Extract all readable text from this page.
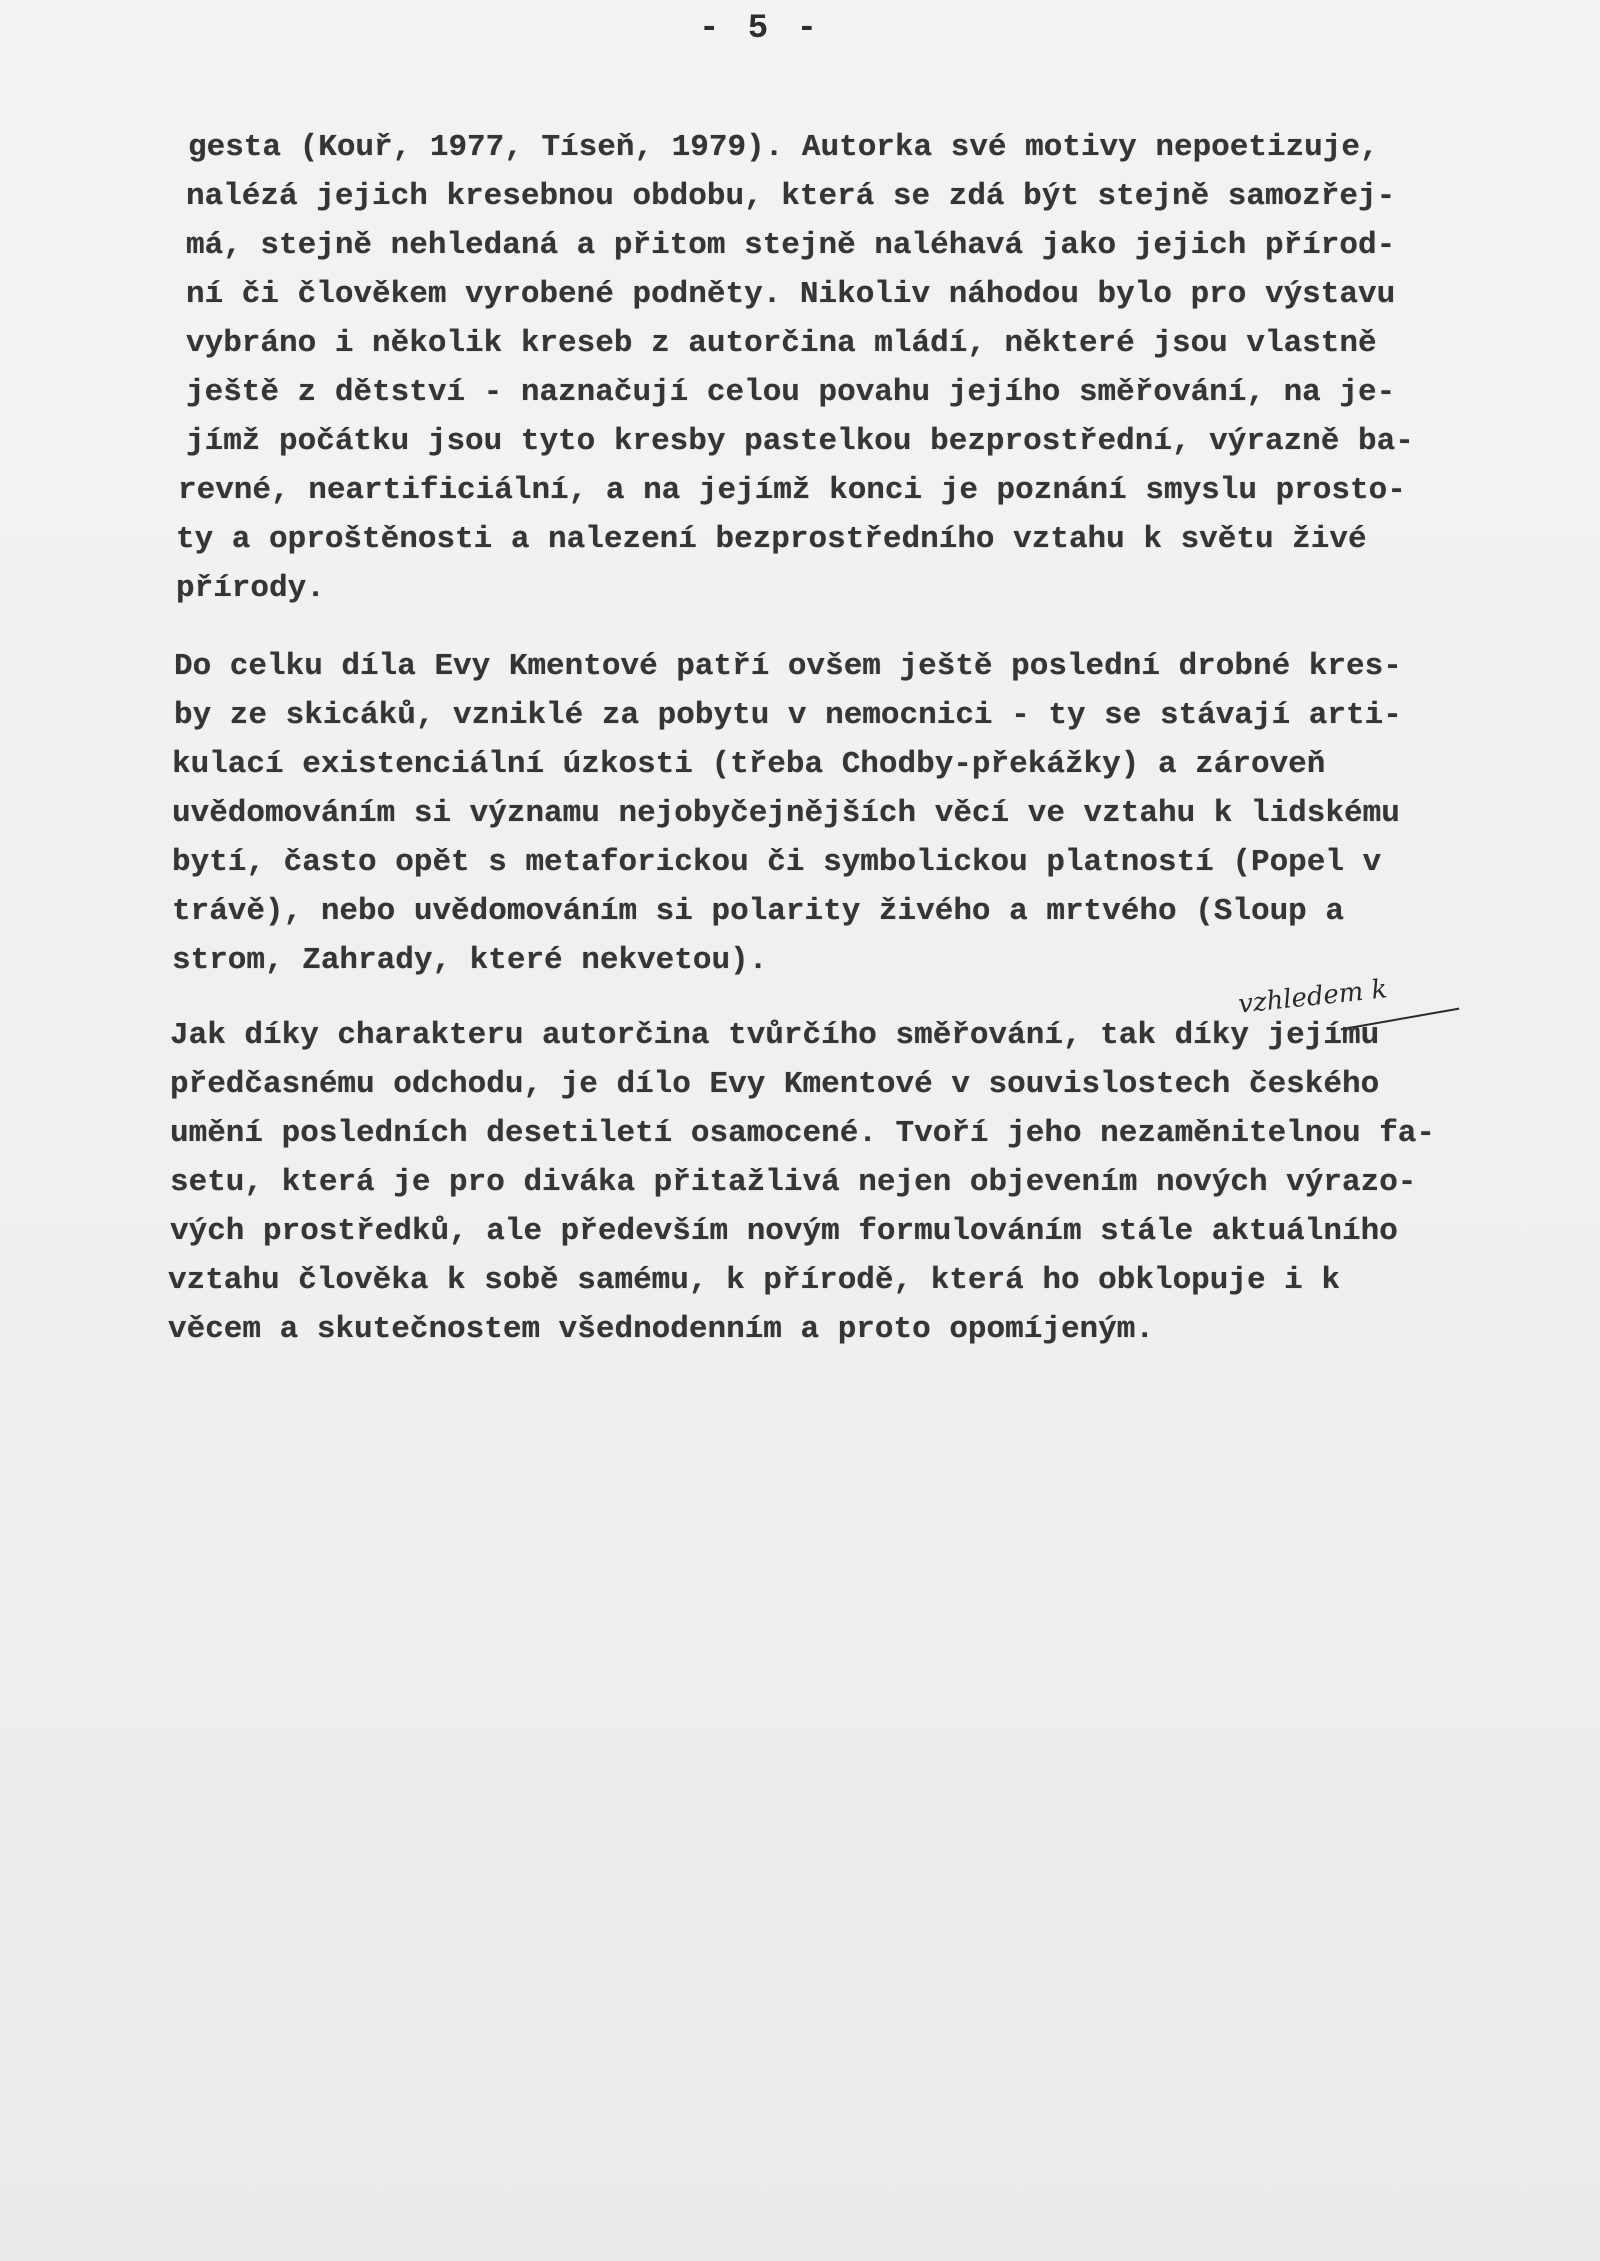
- 5 -
gesta (Kouř, 1977, Tíseň, 1979). Autorka své motivy nepoetizuje,
nalézá jejich kresebnou obdobu, která se zdá být stejně samozřej-
má, stejně nehledaná a přitom stejně naléhavá jako jejich přírod-
ní či člověkem vyrobené podněty. Nikoliv náhodou bylo pro výstavu
vybráno i několik kreseb z autorčina mládí, některé jsou vlastně
ještě z dětství - naznačují celou povahu jejího směřování, na je-
jímž počátku jsou tyto kresby pastelkou bezprostřední, výrazně ba-
revné, neartificiální, a na jejímž konci je poznání smyslu prosto-
ty a oproštěnosti a nalezení bezprostředního vztahu k světu živé
přírody.
Do celku díla Evy Kmentové patří ovšem ještě poslední drobné kres-
by ze skicáků, vzniklé za pobytu v nemocnici - ty se stávají arti-
kulací existenciální úzkosti (třeba Chodby-překážky) a zároveň
uvědomováním si významu nejobyčejnějších věcí ve vztahu k lidskému
bytí, často opět s metaforickou či symbolickou platností (Popel v
trávě), nebo uvědomováním si polarity živého a mrtvého (Sloup a
strom, Zahrady, které nekvetou).
vzhledem k
Jak díky charakteru autorčina tvůrčího směřování, tak díky jejímu
předčasnému odchodu, je dílo Evy Kmentové v souvislostech českého
umění posledních desetiletí osamocené. Tvoří jeho nezaměnitelnou fa-
setu, která je pro diváka přitažlivá nejen objevením nových výrazo-
vých prostředků, ale především novým formulováním stále aktuálního
vztahu člověka k sobě samému, k přírodě, která ho obklopuje i k
věcem a skutečnostem všednodenním a proto opomíjeným.
